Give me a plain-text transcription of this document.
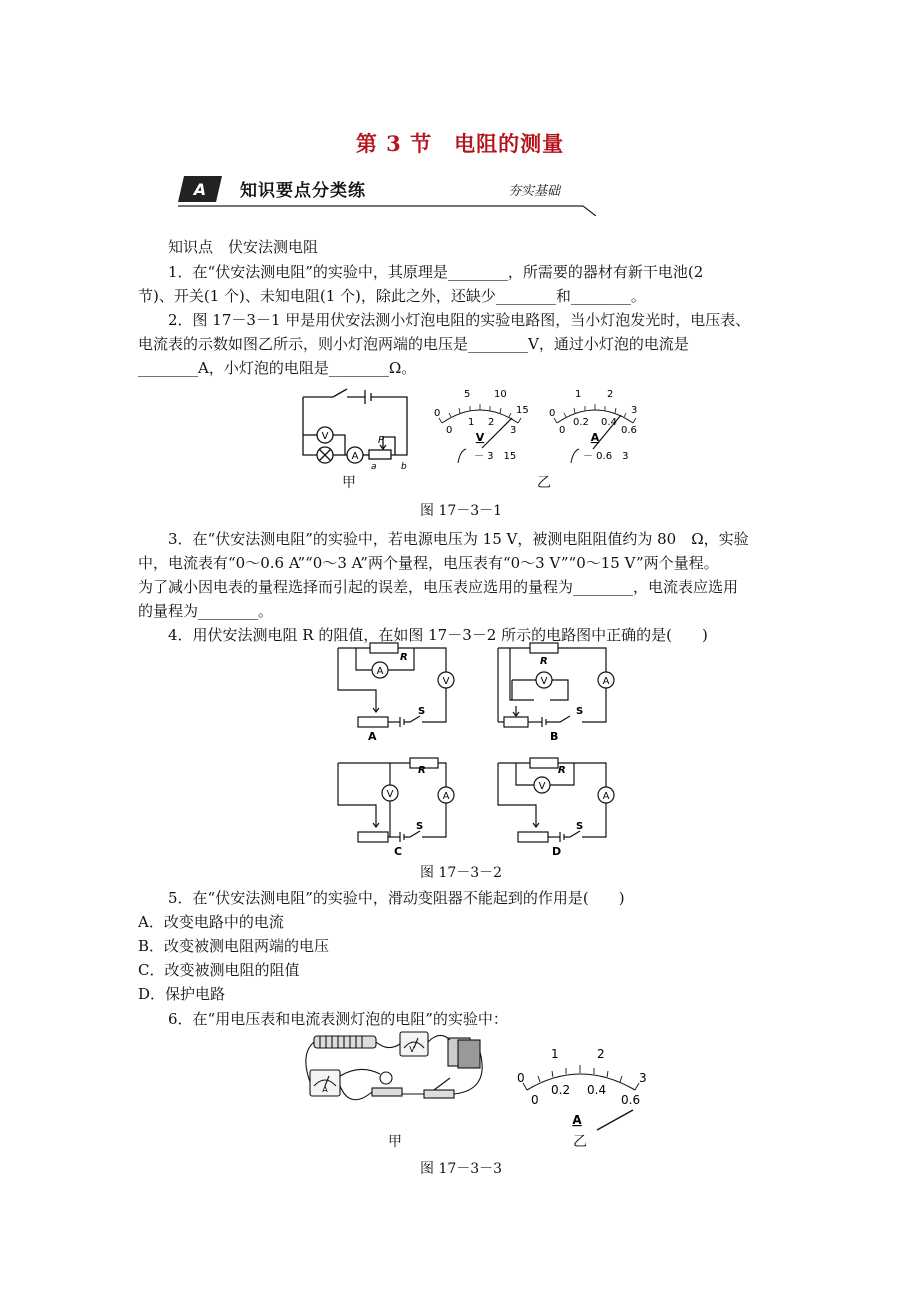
第 3 节　电阻的测量
A 知识要点分类练	夯实基础
知识点　伏安法测电阻
1．在“伏安法测电阻”的实验中，其原理是________，所需要的器材有新干电池(2
节)、开关(1 个)、未知电阻(1 个)，除此之外，还缺少________和________。
2．图 17－3－1 甲是用伏安法测小灯泡电阻的实验电路图，当小灯泡发光时，电压表、
电流表的示数如图乙所示，则小灯泡两端的电压是________V，通过小灯泡的电流是
________A，小灯泡的电阻是________Ω。
V
A
P
a	b
0
5 10
15
0
1 2
3
V
－ 3　15
0
1	2
3
0
0.2 0.4
0.6
A
－ 0.6　3
甲	乙
图 17－3－1
3．在“伏安法测电阻”的实验中，若电源电压为 15 V，被测电阻阻值约为 80　Ω，实验
中，电流表有“0～0.6 A”“0～3 A”两个量程，电压表有“0～3 V”“0～15 V”两个量程。
为了减小因电表的量程选择而引起的误差，电压表应选用的量程为________，电流表应选用
的量程为________。
4．用伏安法测电阻 R 的阻值，在如图 17－3－2 所示的电路图中正确的是(　　)
A
V
R
S
A
V	A
R
S
B
V	A
R
S
C
V
A
R
S
D
图 17－3－2
5．在“伏安法测电阻”的实验中，滑动变阻器不能起到的作用是(　　)
A．改变电路中的电流
B．改变被测电阻两端的电压
C．改变被测电阻的阻值
D．保护电路
6．在“用电压表和电流表测灯泡的电阻”的实验中：
V
A
0
1	2
3
0
0.2 0.4
0.6
A
甲	乙
图 17－3－3
